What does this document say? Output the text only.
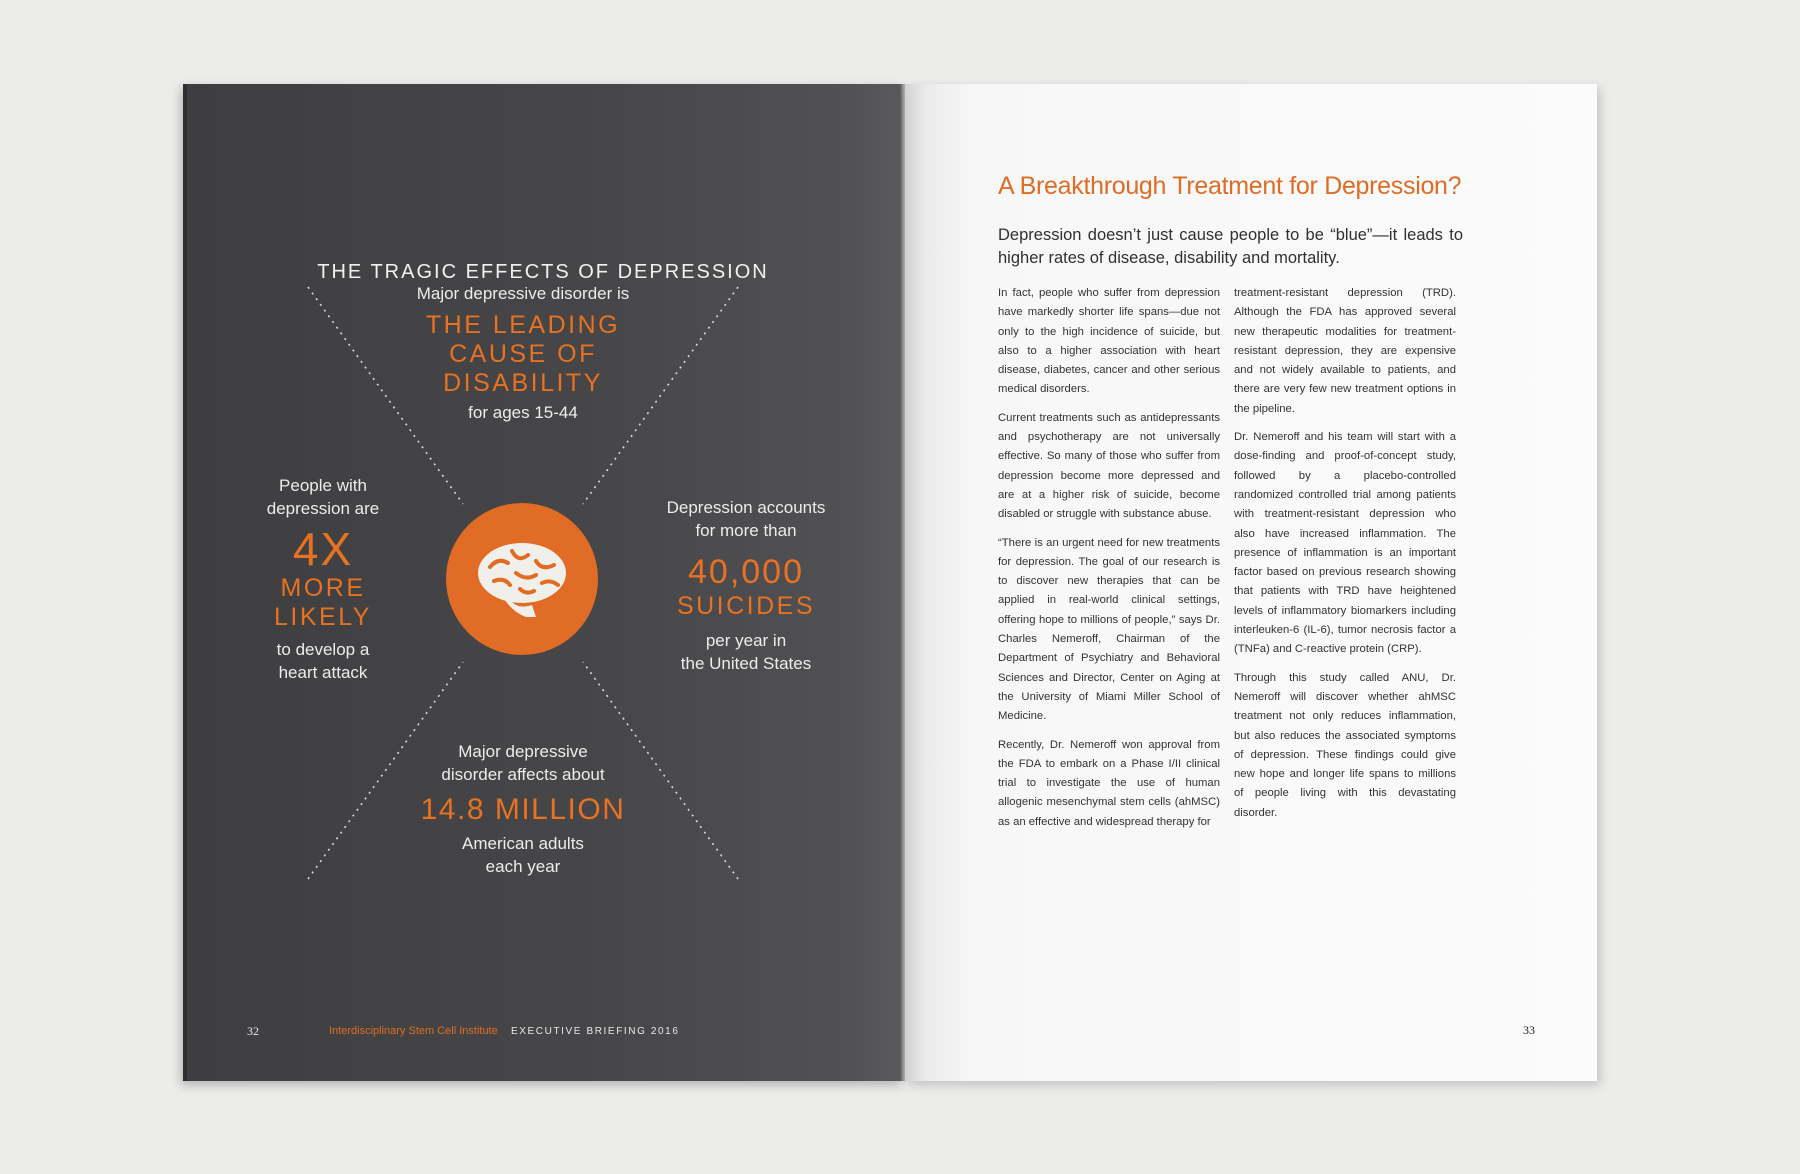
THE TRAGIC EFFECTS OF DEPRESSION
Major depressive disorder is
THE LEADING
CAUSE OF
DISABILITY
for ages 15-44
People with
depression are
4X
MORE
LIKELY
to develop a
heart attack
Depression accounts
for more than
40,000
SUICIDES
per year in
the United States
Major depressive
disorder affects about
14.8 MILLION
American adults
each year
32	Interdisciplinary Stem Cell Institute EXECUTIVE BRIEFING 2016
A Breakthrough Treatment for Depression?
Depression doesn’t just cause people to be “blue”—it leads to higher rates of disease, disability and mortality.

In fact, people who suffer from depression have markedly shorter life spans—due not only to the high incidence of suicide, but also to a higher association with heart disease, diabetes, cancer and other serious medical disorders.

Current treatments such as antidepressants and psychotherapy are not universally effective. So many of those who suffer from depression become more depressed and are at a higher risk of suicide, become disabled or struggle with substance abuse.

“There is an urgent need for new treatments for depression. The goal of our research is to discover new therapies that can be applied in real-world clinical settings, offering hope to millions of people,” says Dr. Charles Nemeroff, Chairman of the Department of Psychiatry and Behavioral Sciences and Director, Center on Aging at the University of Miami Miller School of Medicine.

Recently, Dr. Nemeroff won approval from the FDA to embark on a Phase I/II clinical trial to investigate the use of human allogenic mesenchymal stem cells (ahMSC) as an effective and widespread therapy for

treatment-resistant depression (TRD). Although the FDA has approved several new therapeutic modalities for treatment-resistant depression, they are expensive and not widely available to patients, and there are very few new treatment options in the pipeline.

Dr. Nemeroff and his team will start with a dose-finding and proof-of-concept study, followed by a placebo-controlled randomized controlled trial among patients with treatment-resistant depression who also have increased inflammation. The presence of inflammation is an important factor based on previous research showing that patients with TRD have heightened levels of inflammatory biomarkers including interleuken-6 (IL-6), tumor necrosis factor a (TNFa) and C-reactive protein (CRP).

Through this study called ANU, Dr. Nemeroff will discover whether ahMSC treatment not only reduces inflammation, but also reduces the associated symptoms of depression. These findings could give new hope and longer life spans to millions of people living with this devastating disorder.

33
